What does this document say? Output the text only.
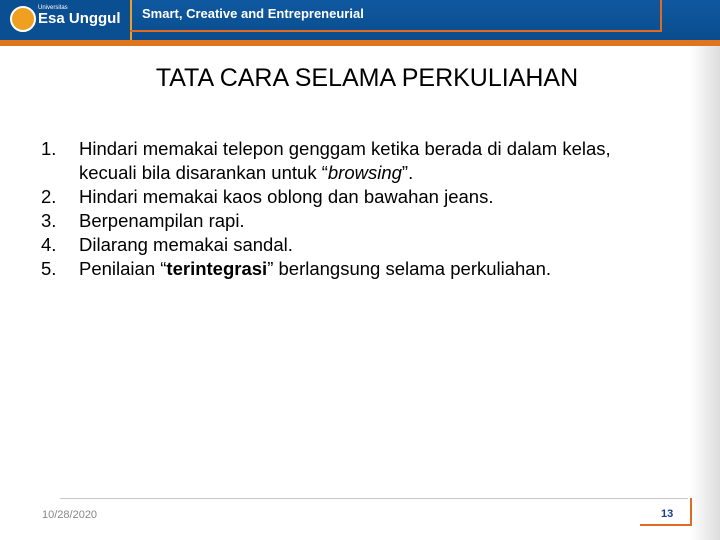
Universitas
Esa Unggul Smart, Creative and Entrepreneurial
TATA CARA SELAMA PERKULIAHAN
1. Hindari memakai telepon genggam ketika berada di dalam kelas,
kecuali bila disarankan untuk “browsing”.
2. Hindari memakai kaos oblong dan bawahan jeans.
3. Berpenampilan rapi.
4. Dilarang memakai sandal.
5. Penilaian “terintegrasi” berlangsung selama perkuliahan.
10/28/2020	13
